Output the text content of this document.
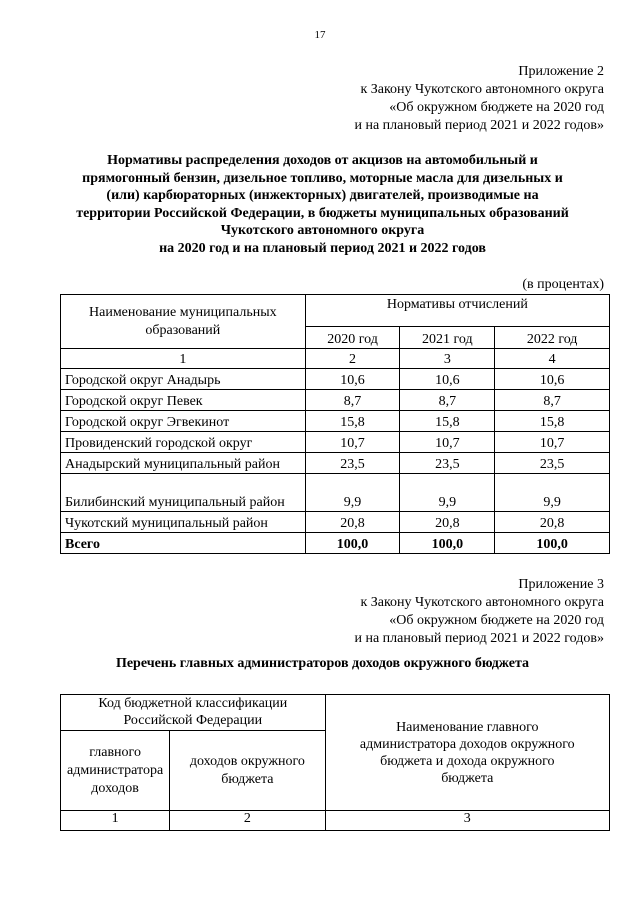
17
Приложение 2
к Закону Чукотского автономного округа
«Об окружном бюджете на 2020 год
и на плановый период 2021 и 2022 годов»
Нормативы распределения доходов от акцизов на автомобильный и
прямогонный бензин, дизельное топливо, моторные масла для дизельных и
(или) карбюраторных (инжекторных) двигателей, производимые на
территории Российской Федерации, в бюджеты муниципальных образований
Чукотского автономного округа
на 2020 год и на плановый период 2021 и 2022 годов
(в процентах)
Наименование муниципальных образований	Нормативы отчислений		
	2020 год	2021 год	2022 год
1	2	3	4
Городской округ Анадырь	10,6	10,6	10,6
Городской округ Певек	8,7	8,7	8,7
Городской округ Эгвекинот	15,8	15,8	15,8
Провиденский городской округ	10,7	10,7	10,7
Анадырский муниципальный район	23,5	23,5	23,5
Билибинский муниципальный район	9,9	9,9	9,9
Чукотский муниципальный район	20,8	20,8	20,8
Всего	100,0	100,0	100,0
Приложение 3
к Закону Чукотского автономного округа
«Об окружном бюджете на 2020 год
и на плановый период 2021 и 2022 годов»
Перечень главных администраторов доходов окружного бюджета
Код бюджетной классификации Российской Федерации		Наименование главного администратора доходов окружного бюджета и дохода окружного бюджета
главного администратора доходов	доходов окружного бюджета	
1	2	3
